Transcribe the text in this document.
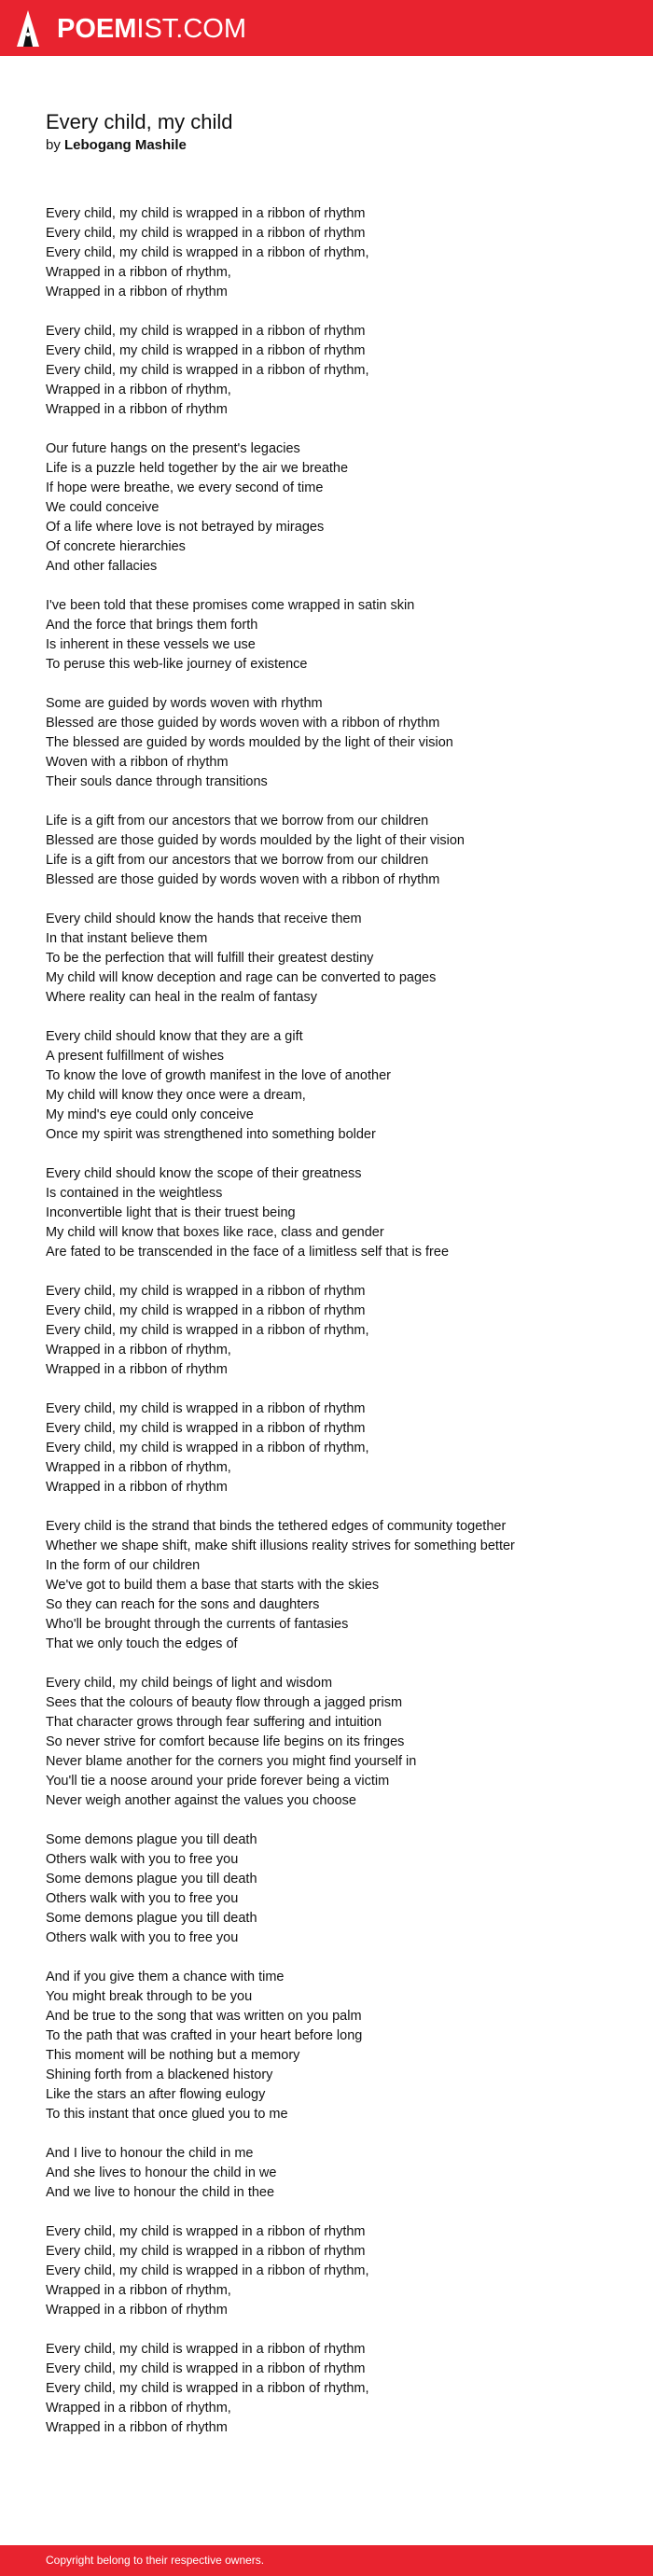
POEMIST.COM
Every child, my child
by Lebogang Mashile
Every child, my child is wrapped in a ribbon of rhythm
Every child, my child is wrapped in a ribbon of rhythm
Every child, my child is wrapped in a ribbon of rhythm,
Wrapped in a ribbon of rhythm,
Wrapped in a ribbon of rhythm
Every child, my child is wrapped in a ribbon of rhythm
Every child, my child is wrapped in a ribbon of rhythm
Every child, my child is wrapped in a ribbon of rhythm,
Wrapped in a ribbon of rhythm,
Wrapped in a ribbon of rhythm
Our future hangs on the present's legacies
Life is a puzzle held together by the air we breathe
If hope were breathe, we every second of time
We could conceive
Of a life where love is not betrayed by mirages
Of concrete hierarchies
And other fallacies
I've been told that these promises come wrapped in satin skin
And the force that brings them forth
Is inherent in these vessels we use
To peruse this web-like journey of existence
Some are guided by words woven with rhythm
Blessed are those guided by words woven with a ribbon of rhythm
The blessed are guided by words moulded by the light of their vision
Woven with a ribbon of rhythm
Their souls dance through transitions
Life is a gift from our ancestors that we borrow from our children
Blessed are those guided by words moulded by the light of their vision
Life is a gift from our ancestors that we borrow from our children
Blessed are those guided by words woven with a ribbon of rhythm
Every child should know the hands that receive them
In that instant believe them
To be the perfection that will fulfill their greatest destiny
My child will know deception and rage can be converted to pages
Where reality can heal in the realm of fantasy
Every child should know that they are a gift
A present fulfillment of wishes
To know the love of growth manifest in the love of another
My child will know they once were a dream,
My mind's eye could only conceive
Once my spirit was strengthened into something bolder
Every child should know the scope of their greatness
Is contained in the weightless
Inconvertible light that is their truest being
My child will know that boxes like race, class and gender
Are fated to be transcended in the face of a limitless self that is free
Every child, my child is wrapped in a ribbon of rhythm
Every child, my child is wrapped in a ribbon of rhythm
Every child, my child is wrapped in a ribbon of rhythm,
Wrapped in a ribbon of rhythm,
Wrapped in a ribbon of rhythm
Every child, my child is wrapped in a ribbon of rhythm
Every child, my child is wrapped in a ribbon of rhythm
Every child, my child is wrapped in a ribbon of rhythm,
Wrapped in a ribbon of rhythm,
Wrapped in a ribbon of rhythm
Every child is the strand that binds the tethered edges of community together
Whether we shape shift, make shift illusions reality strives for something better
In the form of our children
We've got to build them a base that starts with the skies
So they can reach for the sons and daughters
Who'll be brought through the currents of fantasies
That we only touch the edges of
Every child, my child beings of light and wisdom
Sees that the colours of beauty flow through a jagged prism
That character grows through fear suffering and intuition
So never strive for comfort because life begins on its fringes
Never blame another for the corners you might find yourself in
You'll tie a noose around your pride forever being a victim
Never weigh another against the values you choose
Some demons plague you till death
Others walk with you to free you
Some demons plague you till death
Others walk with you to free you
Some demons plague you till death
Others walk with you to free you
And if you give them a chance with time
You might break through to be you
And be true to the song that was written on you palm
To the path that was crafted in your heart before long
This moment will be nothing but a memory
Shining forth from a blackened history
Like the stars an after flowing eulogy
To this instant that once glued you to me
And I live to honour the child in me
And she lives to honour the child in we
And we live to honour the child in thee
Every child, my child is wrapped in a ribbon of rhythm
Every child, my child is wrapped in a ribbon of rhythm
Every child, my child is wrapped in a ribbon of rhythm,
Wrapped in a ribbon of rhythm,
Wrapped in a ribbon of rhythm
Every child, my child is wrapped in a ribbon of rhythm
Every child, my child is wrapped in a ribbon of rhythm
Every child, my child is wrapped in a ribbon of rhythm,
Wrapped in a ribbon of rhythm,
Wrapped in a ribbon of rhythm
Copyright belong to their respective owners.
